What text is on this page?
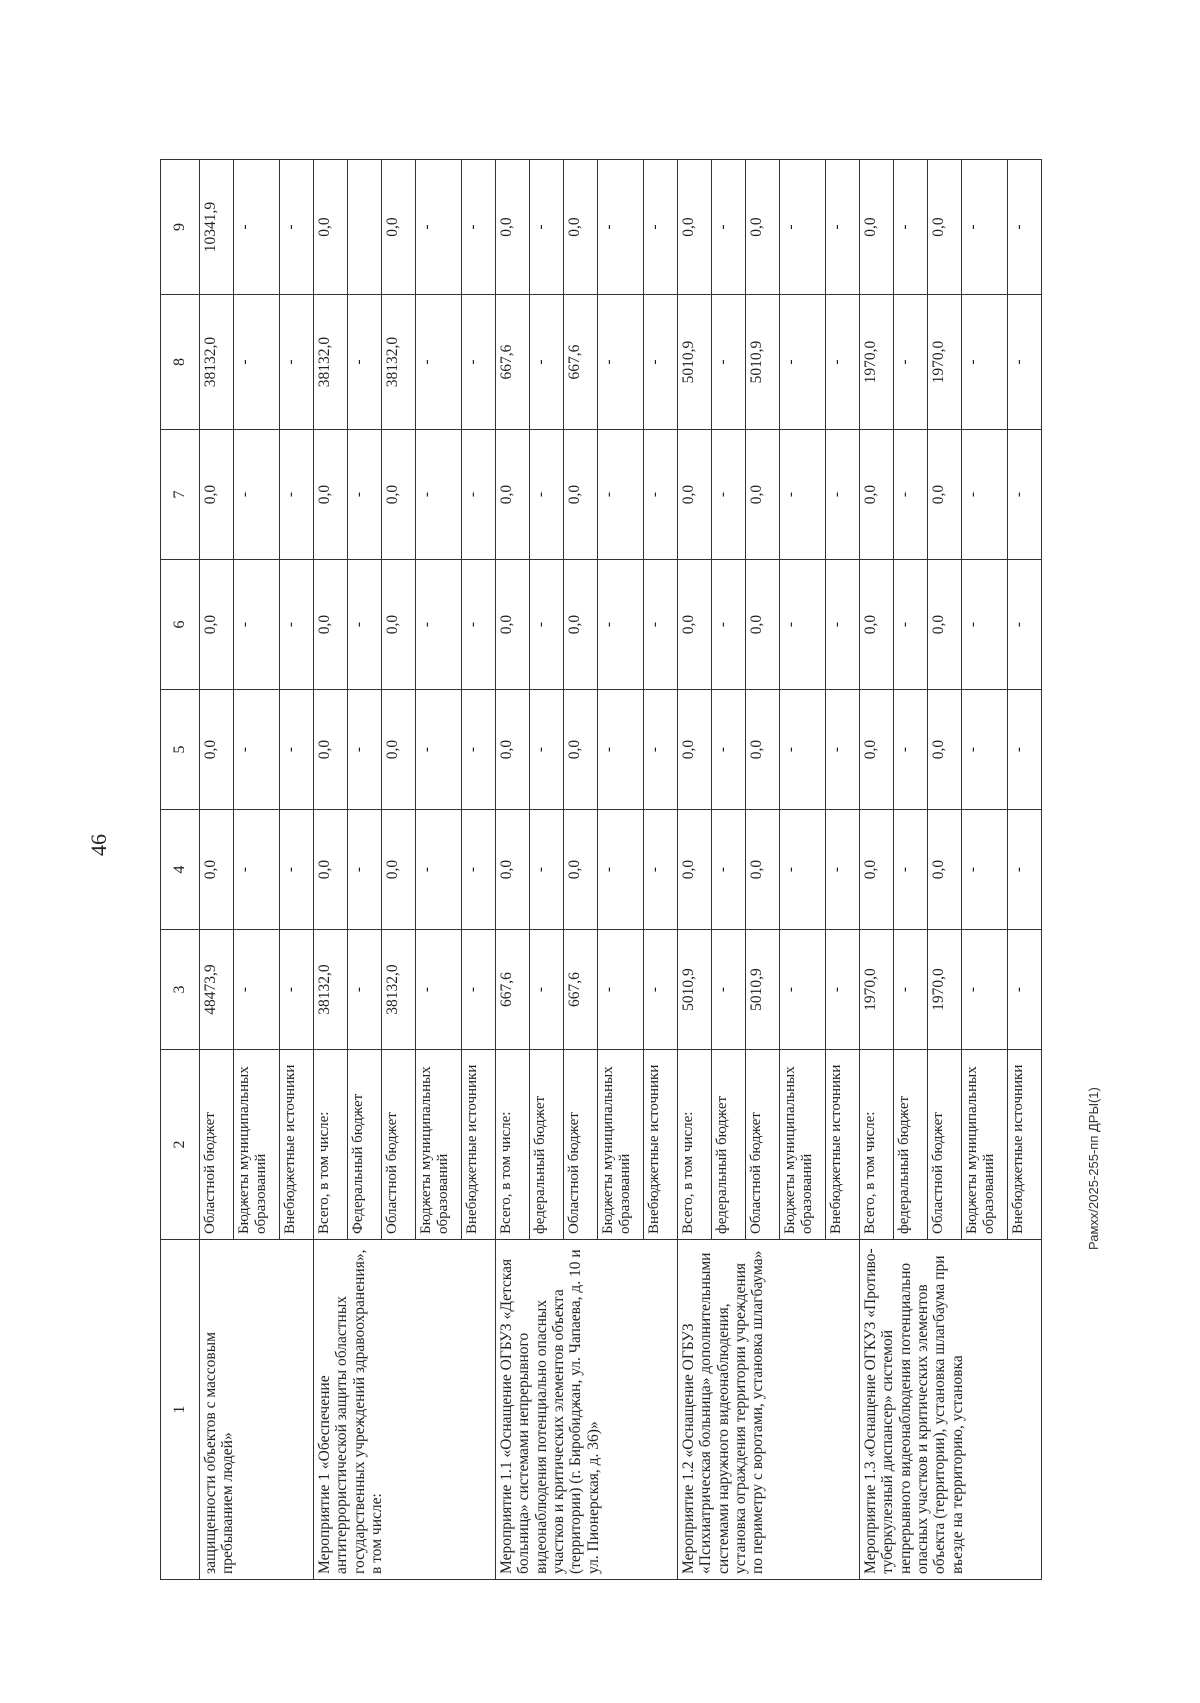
46
Рамхх/2025-255-пп ДРЫ(1)
1	2	3	4	5	6	7	8	9
защищенности объектов с массовым пребыванием людей»	Областной бюджет	48473,9	0,0	0,0	0,0	0,0	38132,0	10341,9
	Бюджеты муниципальных образований	-	-	-	-	-	-	-
	Внебюджетные источники	-	-	-	-	-	-	-
Мероприятие 1 «Обеспечение антитеррористической защиты областных государственных учреждений здравоохранения», в том числе:	Всего, в том числе:	38132,0	0,0	0,0	0,0	0,0	38132,0	0,0
	Федеральный бюджет	-	-	-	-	-	-	
	Областной бюджет	38132,0	0,0	0,0	0,0	0,0	38132,0	0,0
	Бюджеты муниципальных образований	-	-	-	-	-	-	-
	Внебюджетные источники	-	-	-	-	-	-	-
Мероприятие 1.1 «Оснащение ОГБУЗ «Детская больница» системами непрерывного видеонаблюдения потенциально опасных участков и критических элементов объекта (территории) (г. Биробиджан, ул. Чапаева, д. 10 и ул. Пионерская, д. 36)»	Всего, в том числе:	667,6	0,0	0,0	0,0	0,0	667,6	0,0
	федеральный бюджет	-	-	-	-	-	-	-
	Областной бюджет	667,6	0,0	0,0	0,0	0,0	667,6	0,0
	Бюджеты муниципальных образований	-	-	-	-	-	-	-
	Внебюджетные источники	-	-	-	-	-	-	-
Мероприятие 1.2 «Оснащение ОГБУЗ «Психиатрическая больница» дополнительными системами наружного видеонаблюдения, установка ограждения территории учреждения по периметру с воротами, установка шлагбаума»	Всего, в том числе:	5010,9	0,0	0,0	0,0	0,0	5010,9	0,0
	федеральный бюджет	-	-	-	-	-	-	-
	Областной бюджет	5010,9	0,0	0,0	0,0	0,0	5010,9	0,0
	Бюджеты муниципальных образований	-	-	-	-	-	-	-
	Внебюджетные источники	-	-	-	-	-	-	-
Мероприятие 1.3 «Оснащение ОГКУЗ «Противо-туберкулезный диспансер» системой непрерывного видеонаблюдения потенциально опасных участков и критических элементов объекта (территории), установка шлагбаума при въезде на территорию, установка	Всего, в том числе:	1970,0	0,0	0,0	0,0	0,0	1970,0	0,0
	федеральный бюджет	-	-	-	-	-	-	-
	Областной бюджет	1970,0	0,0	0,0	0,0	0,0	1970,0	0,0
	Бюджеты муниципальных образований	-	-	-	-	-	-	-
	Внебюджетные источники	-	-	-	-	-	-	-
